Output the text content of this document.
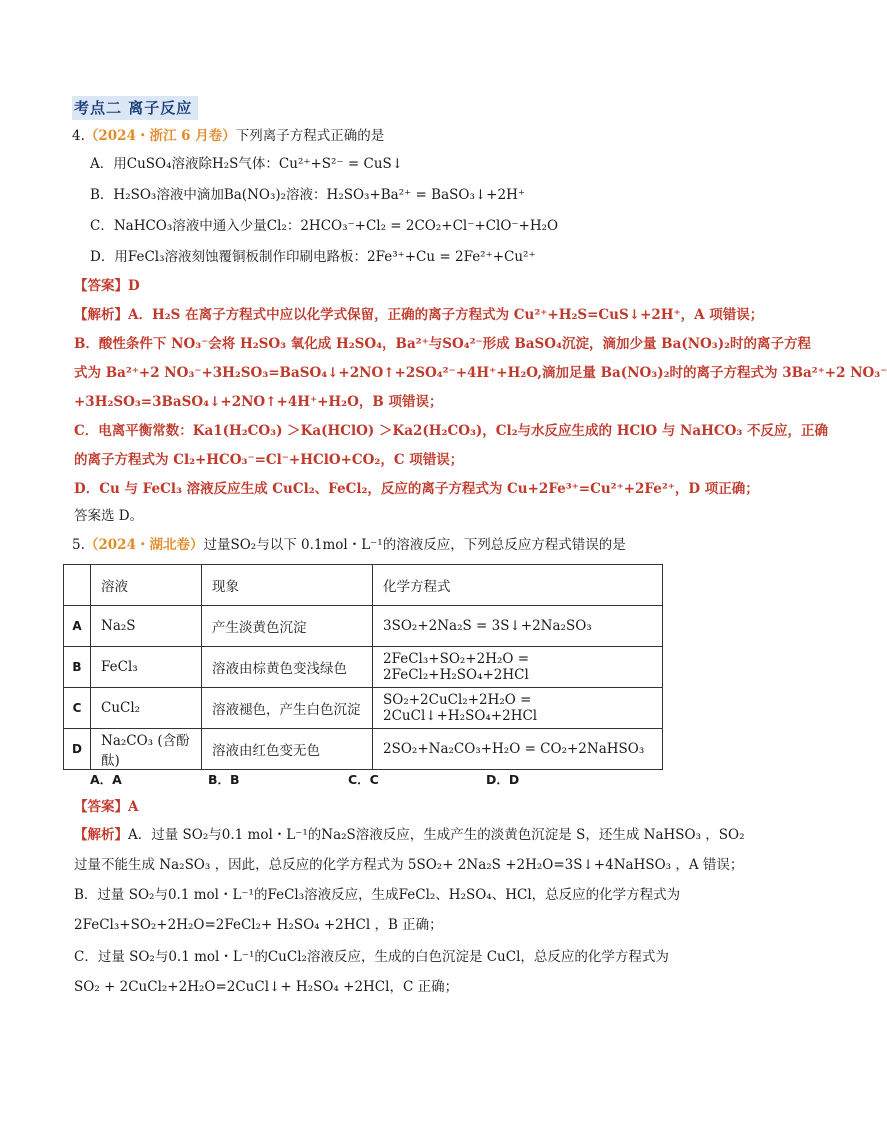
考点二 离子反应
4.（2024・浙江 6 月卷）下列离子方程式正确的是
A．用CuSO₄溶液除H₂S气体：Cu²⁺+S²⁻ = CuS↓
B．H₂SO₃溶液中滴加Ba(NO₃)₂溶液：H₂SO₃+Ba²⁺ = BaSO₃↓+2H⁺
C．NaHCO₃溶液中通入少量Cl₂：2HCO₃⁻+Cl₂ = 2CO₂+Cl⁻+ClO⁻+H₂O
D．用FeCl₃溶液刻蚀覆铜板制作印刷电路板：2Fe³⁺+Cu = 2Fe²⁺+Cu²⁺
【答案】D
【解析】A．H₂S 在离子方程式中应以化学式保留，正确的离子方程式为 Cu²⁺+H₂S=CuS↓+2H⁺，A 项错误；
B．酸性条件下 NO₃⁻会将 H₂SO₃ 氧化成 H₂SO₄，Ba²⁺与SO₄²⁻形成 BaSO₄沉淀，滴加少量 Ba(NO₃)₂时的离子方程
式为 Ba²⁺+2 NO₃⁻+3H₂SO₃=BaSO₄↓+2NO↑+2SO₄²⁻+4H⁺+H₂O,滴加足量 Ba(NO₃)₂时的离子方程式为 3Ba²⁺+2 NO₃⁻
+3H₂SO₃=3BaSO₄↓+2NO↑+4H⁺+H₂O，B 项错误；
C．电离平衡常数：Ka1(H₂CO₃) ＞Ka(HClO) ＞Ka2(H₂CO₃)，Cl₂与水反应生成的 HClO 与 NaHCO₃ 不反应，正确
的离子方程式为 Cl₂+HCO₃⁻=Cl⁻+HClO+CO₂，C 项错误；
D．Cu 与 FeCl₃ 溶液反应生成 CuCl₂、FeCl₂，反应的离子方程式为 Cu+2Fe³⁺=Cu²⁺+2Fe²⁺，D 项正确；
答案选 D。
5.（2024・湖北卷）过量SO₂与以下 0.1mol・L⁻¹的溶液反应，下列总反应方程式错误的是
	溶液	现象	化学方程式
A	Na₂S	产生淡黄色沉淀	3SO₂+2Na₂S = 3S↓+2Na₂SO₃
B	FeCl₃	溶液由棕黄色变浅绿色	2FeCl₃+SO₂+2H₂O = 2FeCl₂+H₂SO₄+2HCl
C	CuCl₂	溶液褪色，产生白色沉淀	SO₂+2CuCl₂+2H₂O = 2CuCl↓+H₂SO₄+2HCl
D	Na₂CO₃ (含酚酞)	溶液由红色变无色	2SO₂+Na₂CO₃+H₂O = CO₂+2NaHSO₃
A．A	B．B	C．C	D．D
【答案】A
【解析】A．过量 SO₂与0.1 mol・L⁻¹的Na₂S溶液反应，生成产生的淡黄色沉淀是 S，还生成 NaHSO₃ ，SO₂
过量不能生成 Na₂SO₃ ，因此，总反应的化学方程式为 5SO₂+ 2Na₂S +2H₂O=3S↓+4NaHSO₃ ，A 错误；
B．过量 SO₂与0.1 mol・L⁻¹的FeCl₃溶液反应，生成FeCl₂、H₂SO₄、HCl，总反应的化学方程式为
2FeCl₃+SO₂+2H₂O=2FeCl₂+ H₂SO₄ +2HCl ，B 正确；
C．过量 SO₂与0.1 mol・L⁻¹的CuCl₂溶液反应，生成的白色沉淀是 CuCl，总反应的化学方程式为
SO₂ + 2CuCl₂+2H₂O=2CuCl↓+ H₂SO₄ +2HCl，C 正确；
